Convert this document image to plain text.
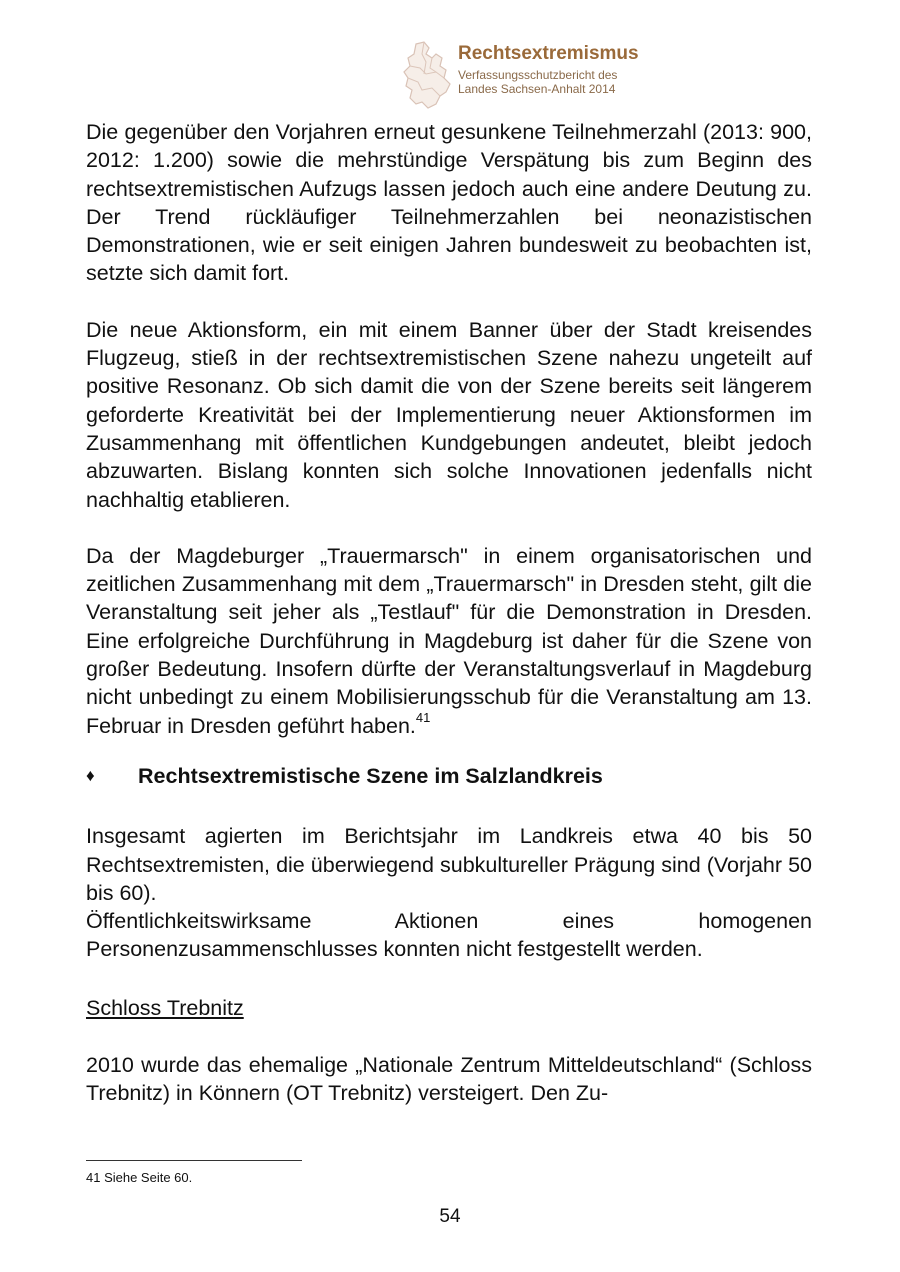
Rechtsextremismus
Verfassungsschutzbericht des
Landes Sachsen-Anhalt 2014

Die gegenüber den Vorjahren erneut gesunkene Teilnehmerzahl (2013: 900, 2012: 1.200) sowie die mehrstündige Verspätung bis zum Beginn des rechtsextremistischen Aufzugs lassen jedoch auch eine andere Deutung zu. Der Trend rückläufiger Teilnehmerzahlen bei neonazistischen Demonstrationen, wie er seit einigen Jahren bundesweit zu beobachten ist, setzte sich damit fort.

Die neue Aktionsform, ein mit einem Banner über der Stadt kreisendes Flugzeug, stieß in der rechtsextremistischen Szene nahezu ungeteilt auf positive Resonanz. Ob sich damit die von der Szene bereits seit längerem geforderte Kreativität bei der Implementierung neuer Aktionsformen im Zusammenhang mit öffentlichen Kundgebungen andeutet, bleibt jedoch abzuwarten. Bislang konnten sich solche Innovationen jedenfalls nicht nachhaltig etablieren.

Da der Magdeburger „Trauermarsch" in einem organisatorischen und zeitlichen Zusammenhang mit dem „Trauermarsch" in Dresden steht, gilt die Veranstaltung seit jeher als „Testlauf" für die Demonstration in Dresden. Eine erfolgreiche Durchführung in Magdeburg ist daher für die Szene von großer Bedeutung. Insofern dürfte der Veranstaltungsverlauf in Magdeburg nicht unbedingt zu einem Mobilisierungsschub für die Veranstaltung am 13. Februar in Dresden geführt haben.$^{41}$

♦	Rechtsextremistische Szene im Salzlandkreis

Insgesamt agierten im Berichtsjahr im Landkreis etwa 40 bis 50 Rechtsextremisten, die überwiegend subkultureller Prägung sind (Vorjahr 50 bis 60).

Öffentlichkeitswirksame Aktionen eines homogenen Personenzusammenschlusses konnten nicht festgestellt werden.

Schloss Trebnitz

2010 wurde das ehemalige „Nationale Zentrum Mitteldeutschland“ (Schloss Trebnitz) in Könnern (OT Trebnitz) versteigert. Den Zu-

41 Siehe Seite 60.
54
